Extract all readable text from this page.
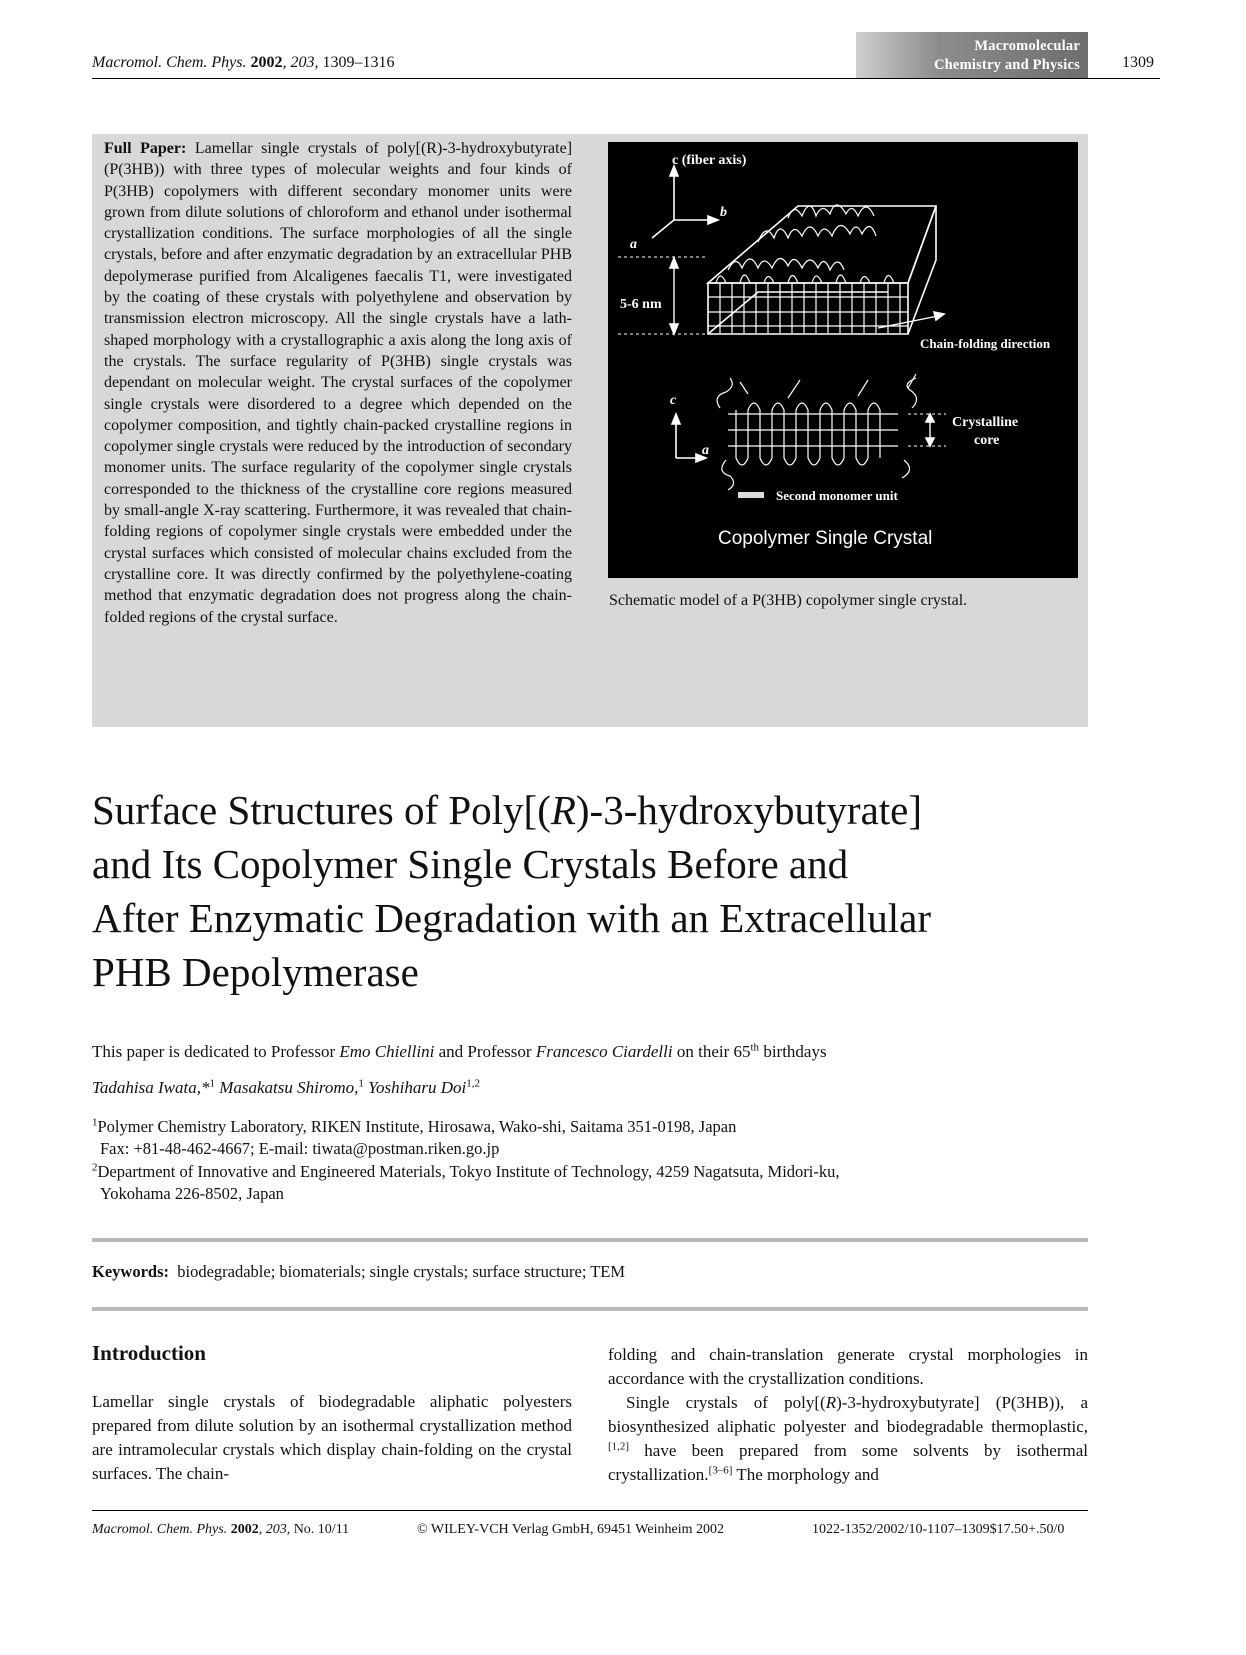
Macromol. Chem. Phys. 2002, 203, 1309–1316
Macromolecular
Chemistry and Physics	1309
Full Paper: Lamellar single crystals of poly[(R)-3-hydroxybutyrate] (P(3HB)) with three types of molecular weights and four kinds of P(3HB) copolymers with different secondary monomer units were grown from dilute solutions of chloroform and ethanol under isothermal crystallization conditions. The surface morphologies of all the single crystals, before and after enzymatic degradation by an extracellular PHB depolymerase purified from Alcaligenes faecalis T1, were investigated by the coating of these crystals with polyethylene and observation by transmission electron microscopy. All the single crystals have a lath-shaped morphology with a crystallographic a axis along the long axis of the crystals. The surface regularity of P(3HB) single crystals was dependant on molecular weight. The crystal surfaces of the copolymer single crystals were disordered to a degree which depended on the copolymer composition, and tightly chain-packed crystalline regions in copolymer single crystals were reduced by the introduction of secondary monomer units. The surface regularity of the copolymer single crystals corresponded to the thickness of the crystalline core regions measured by small-angle X-ray scattering. Furthermore, it was revealed that chain-folding regions of copolymer single crystals were embedded under the crystal surfaces which consisted of molecular chains excluded from the crystalline core. It was directly confirmed by the polyethylene-coating method that enzymatic degradation does not progress along the chain-folded regions of the crystal surface.
c (fiber axis)
b
a
5-6 nm
Chain-folding direction
c
a
Crystalline
core
Second monomer unit
Copolymer Single Crystal
Schematic model of a P(3HB) copolymer single crystal.
Surface Structures of Poly[(R)-3-hydroxybutyrate]
and Its Copolymer Single Crystals Before and
After Enzymatic Degradation with an Extracellular
PHB Depolymerase
This paper is dedicated to Professor Emo Chiellini and Professor Francesco Ciardelli on their 65th birthdays
Tadahisa Iwata,*$^1$ Masakatsu Shiromo,$^1$ Yoshiharu Doi$^{1,2}$
$^1$Polymer Chemistry Laboratory, RIKEN Institute, Hirosawa, Wako-shi, Saitama 351-0198, Japan
Fax: +81-48-462-4667; E-mail: tiwata@postman.riken.go.jp
$^2$Department of Innovative and Engineered Materials, Tokyo Institute of Technology, 4259 Nagatsuta, Midori-ku,
Yokohama 226-8502, Japan
Keywords: biodegradable; biomaterials; single crystals; surface structure; TEM
Introduction
Lamellar single crystals of biodegradable aliphatic polyesters prepared from dilute solution by an isothermal crystallization method are intramolecular crystals which display chain-folding on the crystal surfaces. The chain-
folding and chain-translation generate crystal morphologies in accordance with the crystallization conditions.
Single crystals of poly[(R)-3-hydroxybutyrate] (P(3HB)), a biosynthesized aliphatic polyester and biodegradable thermoplastic,[1,2] have been prepared from some solvents by isothermal crystallization.[3–6] The morphology and
Macromol. Chem. Phys. 2002, 203, No. 10/11	© WILEY-VCH Verlag GmbH, 69451 Weinheim 2002	1022-1352/2002/10-1107–1309$17.50+.50/0
